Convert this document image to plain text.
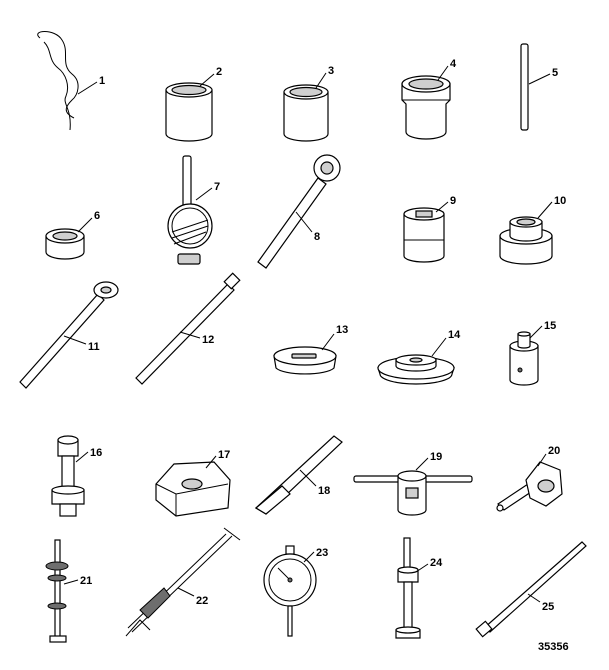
1
2	3
4
5
6
7
8
9	10
11
12
13	14
15
16	17
18
19	20
21
22
23
24
25
35356
